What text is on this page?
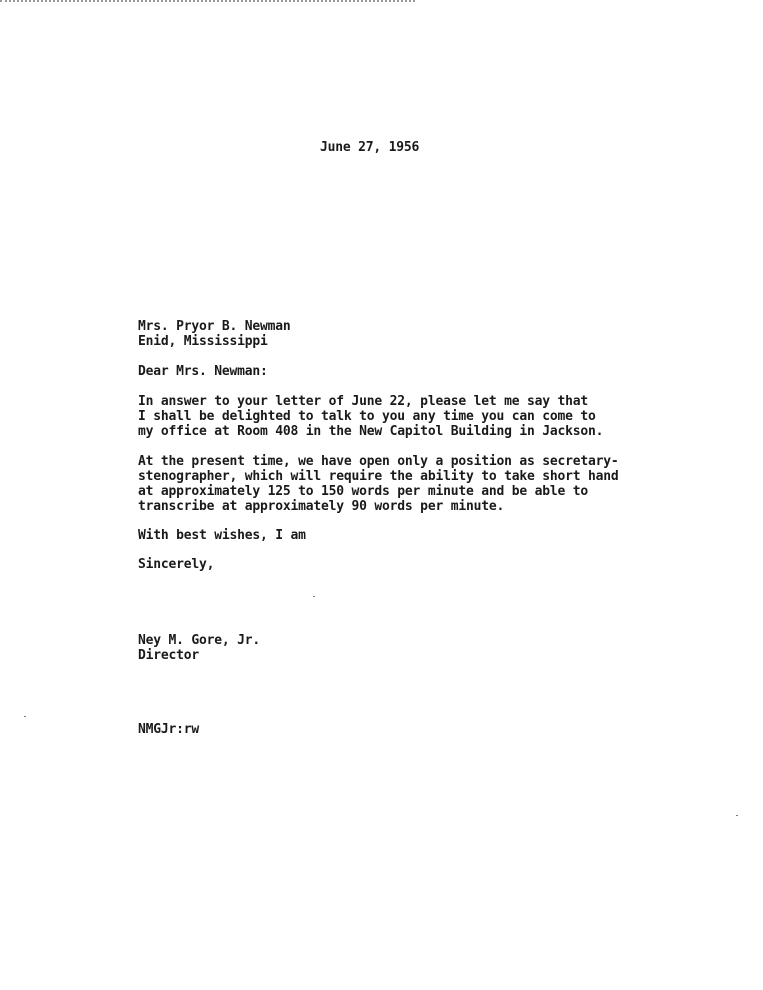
June 27, 1956
Mrs. Pryor B. Newman
Enid, Mississippi
Dear Mrs. Newman:
In answer to your letter of June 22, please let me say that
I shall be delighted to talk to you any time you can come to
my office at Room 408 in the New Capitol Building in Jackson.
At the present time, we have open only a position as secretary-
stenographer, which will require the ability to take short hand
at approximately 125 to 150 words per minute and be able to
transcribe at approximately 90 words per minute.
With best wishes, I am
Sincerely,
Ney M. Gore, Jr.
Director
NMGJr:rw
